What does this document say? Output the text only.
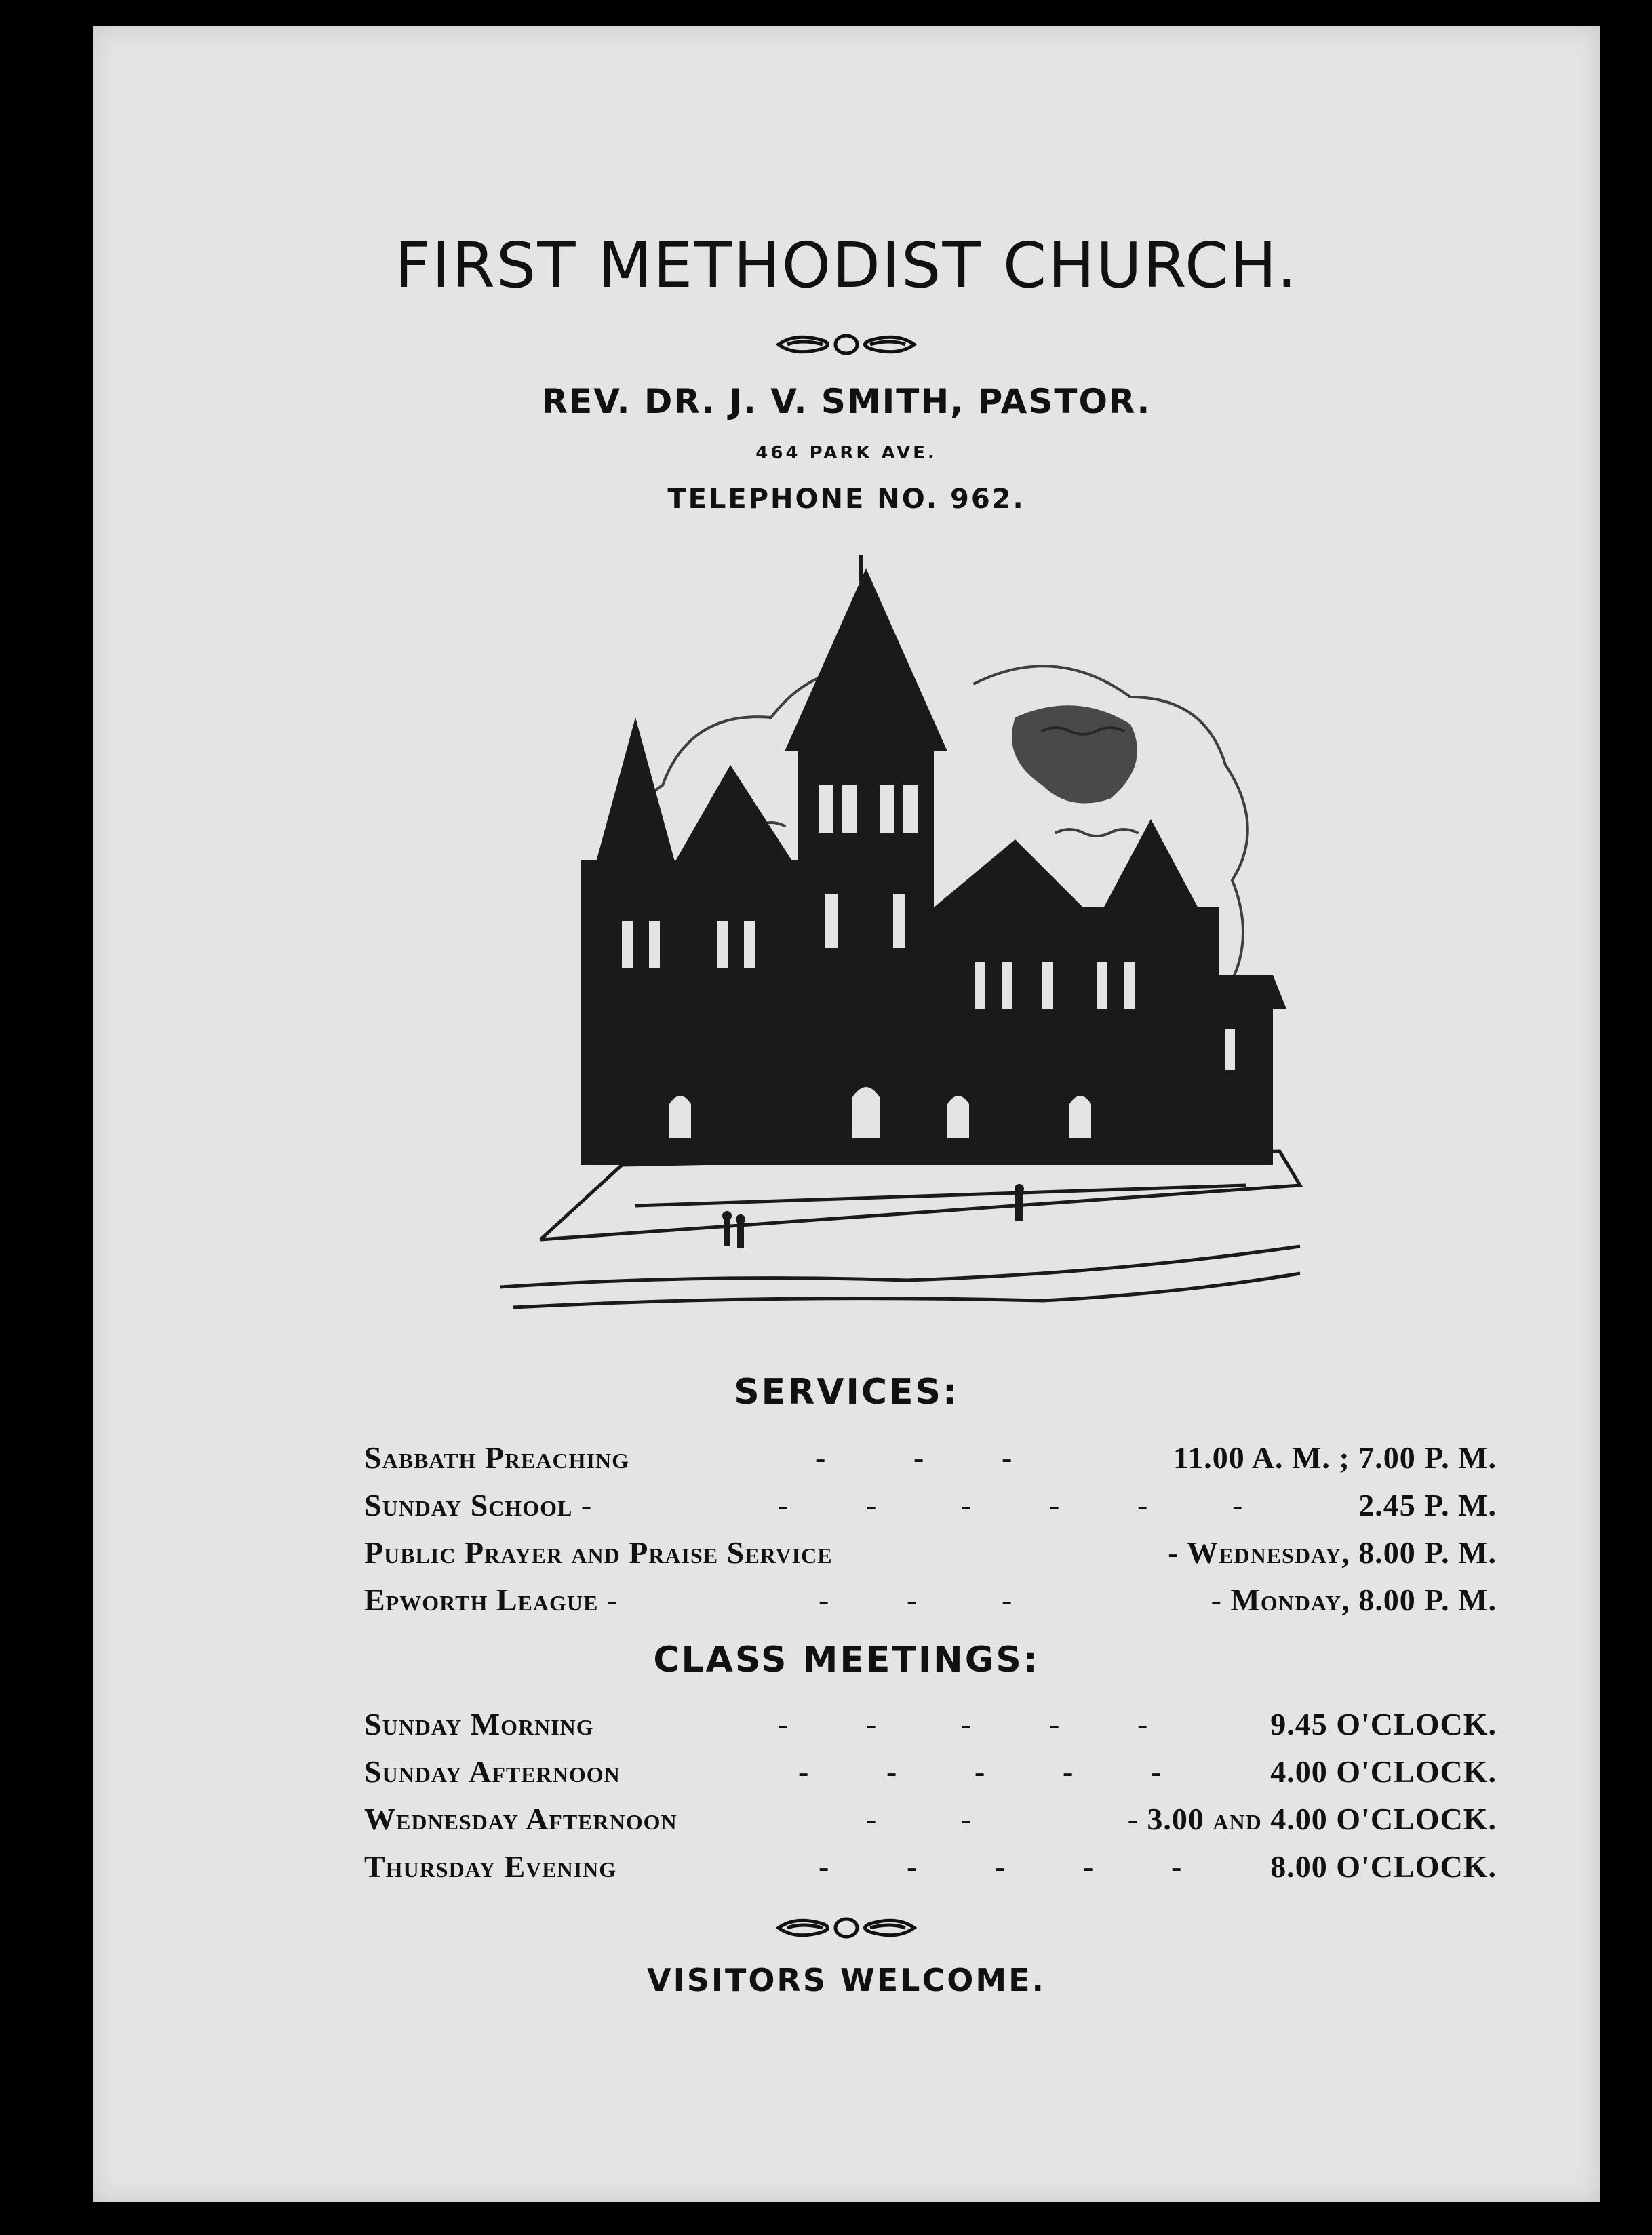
FIRST METHODIST CHURCH.
REV. DR. J. V. SMITH, PASTOR.
464 PARK AVE.
TELEPHONE NO. 962.
SERVICES:
Sabbath Preaching	-	- -	11.00 A. M. ; 7.00 P. M.
Sunday School -	- -	- - -	-	2.45 P. M.
Public Prayer and Praise Service	- Wednesday, 8.00 P. M.
Epworth League -	- -	-	- Monday, 8.00 P. M.
CLASS MEETINGS:
Sunday Morning	- -	- - -	9.45 O'CLOCK.
Sunday Afternoon	- - - - -	4.00 O'CLOCK.
Wednesday Afternoon	-	-	- 3.00 and 4.00 O'CLOCK.
Thursday Evening	- - - - -	8.00 O'CLOCK.
VISITORS WELCOME.
